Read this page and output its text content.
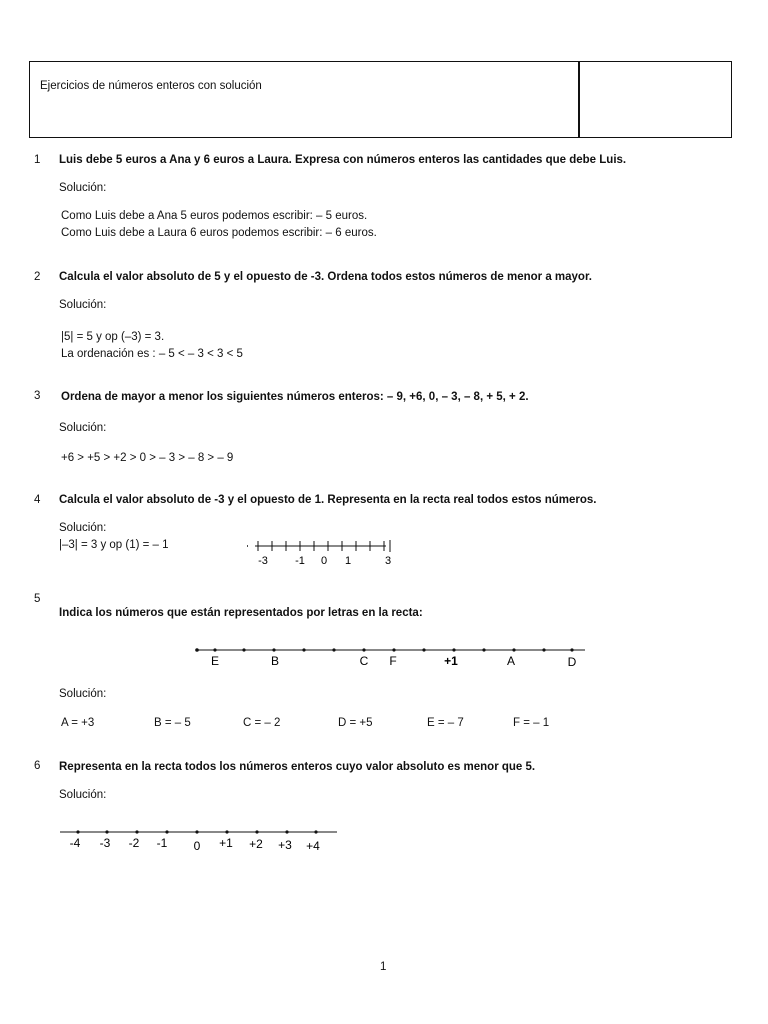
Ejercicios de números enteros con solución
1 Luis debe 5 euros a Ana y 6 euros a Laura. Expresa con números enteros las cantidades que debe Luis.
Solución:
Como Luis debe a Ana 5 euros podemos escribir: – 5 euros.
Como Luis debe a Laura 6 euros podemos escribir: – 6 euros.
2 Calcula el valor absoluto de 5 y el opuesto de -3. Ordena todos estos números de menor a mayor.
Solución:
|5| = 5 y op (–3) = 3.
La ordenación es : – 5 < – 3 < 3 < 5
3 Ordena de mayor a menor los siguientes números enteros: – 9, +6, 0, – 3, – 8, + 5, + 2.
Solución:
+6 > +5 > +2 > 0 > – 3 > – 8 > – 9
4 Calcula el valor absoluto de -3 y el opuesto de 1. Representa en la recta real todos estos números.
Solución:
|–3| = 3 y op (1) = – 1
-3 -1 0 1	3
5
Indica los números que están representados por letras en la recta:
E	B	C F	+1	A	D
Solución:
A = +3	B = – 5	C = – 2	D = +5	E = – 7	F = – 1
6 Representa en la recta todos los números enteros cuyo valor absoluto es menor que 5.
Solución:
-4 -3 -2 -1 0 +1 +2 +3 +4
1
